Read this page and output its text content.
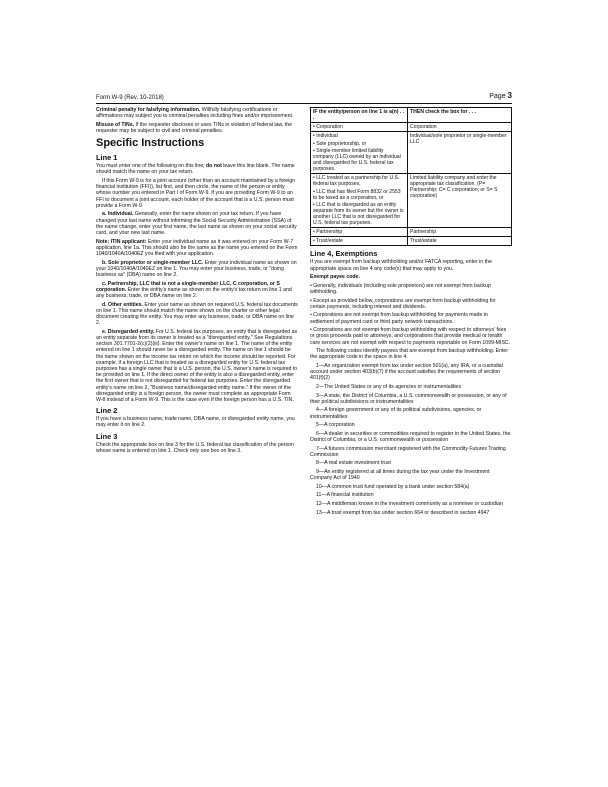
Form W-9 (Rev. 10-2018)	Page 3

Criminal penalty for falsifying information. Willfully falsifying certifications or affirmations may subject you to criminal penalties including fines and/or imprisonment.

Misuse of TINs. If the requester discloses or uses TINs in violation of federal law, the requester may be subject to civil and criminal penalties.

Specific Instructions
Line 1

You must enter one of the following on this line; do not leave this line blank. The name should match the name on your tax return.

If this Form W-9 is for a joint account (other than an account maintained by a foreign financial institution (FFI)), list first, and then circle, the name of the person or entity whose number you entered in Part I of Form W-9. If you are providing Form W-9 to an FFI to document a joint account, each holder of the account that is a U.S. person must provide a Form W-9.

a. Individual. Generally, enter the name shown on your tax return. If you have changed your last name without informing the Social Security Administration (SSA) of the name change, enter your first name, the last name as shown on your social security card, and your new last name.

Note: ITIN applicant: Enter your individual name as it was entered on your Form W-7 application, line 1a. This should also be the same as the name you entered on the Form 1040/1040A/1040EZ you filed with your application.

b. Sole proprietor or single-member LLC. Enter your individual name as shown on your 1040/1040A/1040EZ on line 1. You may enter your business, trade, or "doing business as" (DBA) name on line 2.

c. Partnership, LLC that is not a single-member LLC, C corporation, or S corporation. Enter the entity's name as shown on the entity's tax return on line 1 and any business, trade, or DBA name on line 2.

d. Other entities. Enter your name as shown on required U.S. federal tax documents on line 1. This name should match the name shown on the charter or other legal document creating the entity. You may enter any business, trade, or DBA name on line 2.

e. Disregarded entity. For U.S. federal tax purposes, an entity that is disregarded as an entity separate from its owner is treated as a "disregarded entity." See Regulations section 301.7701-2(c)(2)(iii). Enter the owner's name on line 1. The name of the entity entered on line 1 should never be a disregarded entity. The name on line 1 should be the name shown on the income tax return on which the income should be reported. For example, if a foreign LLC that is treated as a disregarded entity for U.S. federal tax purposes has a single owner that is a U.S. person, the U.S. owner's name is required to be provided on line 1. If the direct owner of the entity is also a disregarded entity, enter the first owner that is not disregarded for federal tax purposes. Enter the disregarded entity's name on line 2, "Business name/disregarded entity name." If the owner of the disregarded entity is a foreign person, the owner must complete an appropriate Form W-8 instead of a Form W-9. This is the case even if the foreign person has a U.S. TIN.

Line 2

If you have a business name, trade name, DBA name, or disregarded entity name, you may enter it on line 2.

Line 3

Check the appropriate box on line 3 for the U.S. federal tax classification of the person whose name is entered on line 1. Check only one box on line 3.

IF the entity/person on line 1 is a(n) . . .	THEN check the box for . . .

• Corporation	Corporation

• Individual
• Sole proprietorship, or
• Single-member limited liability company (LLC) owned by an individual and disregarded for U.S. federal tax purposes.	Individual/sole proprietor or single-member LLC

• LLC treated as a partnership for U.S. federal tax purposes,
• LLC that has filed Form 8832 or 2553 to be taxed as a corporation, or
• LLC that is disregarded as an entity separate from its owner but the owner is another LLC that is not disregarded for U.S. federal tax purposes.	Limited liability company and enter the appropriate tax classification. (P= Partnership; C= C corporation; or S= S corporation)

• Partnership	Partnership

• Trust/estate	Trust/estate
Line 4, Exemptions

If you are exempt from backup withholding and/or FATCA reporting, enter in the appropriate space on line 4 any code(s) that may apply to you.

Exempt payee code.

• Generally, individuals (including sole proprietors) are not exempt from backup withholding.

• Except as provided below, corporations are exempt from backup withholding for certain payments, including interest and dividends.

• Corporations are not exempt from backup withholding for payments made in settlement of payment card or third party network transactions.

• Corporations are not exempt from backup withholding with respect to attorneys' fees or gross proceeds paid to attorneys, and corporations that provide medical or health care services are not exempt with respect to payments reportable on Form 1099-MISC.

The following codes identify payees that are exempt from backup withholding. Enter the appropriate code in the space in line 4.

1—An organization exempt from tax under section 501(a), any IRA, or a custodial account under section 403(b)(7) if the account satisfies the requirements of section 401(f)(2)

2—The United States or any of its agencies or instrumentalities

3—A state, the District of Columbia, a U.S. commonwealth or possession, or any of their political subdivisions or instrumentalities

4—A foreign government or any of its political subdivisions, agencies, or instrumentalities

5—A corporation

6—A dealer in securities or commodities required to register in the United States, the District of Columbia, or a U.S. commonwealth or possession

7—A futures commission merchant registered with the Commodity Futures Trading Commission

8—A real estate investment trust

9—An entity registered at all times during the tax year under the Investment Company Act of 1940

10—A common trust fund operated by a bank under section 584(a)

11—A financial institution

12—A middleman known in the investment community as a nominee or custodian

13—A trust exempt from tax under section 664 or described in section 4947
